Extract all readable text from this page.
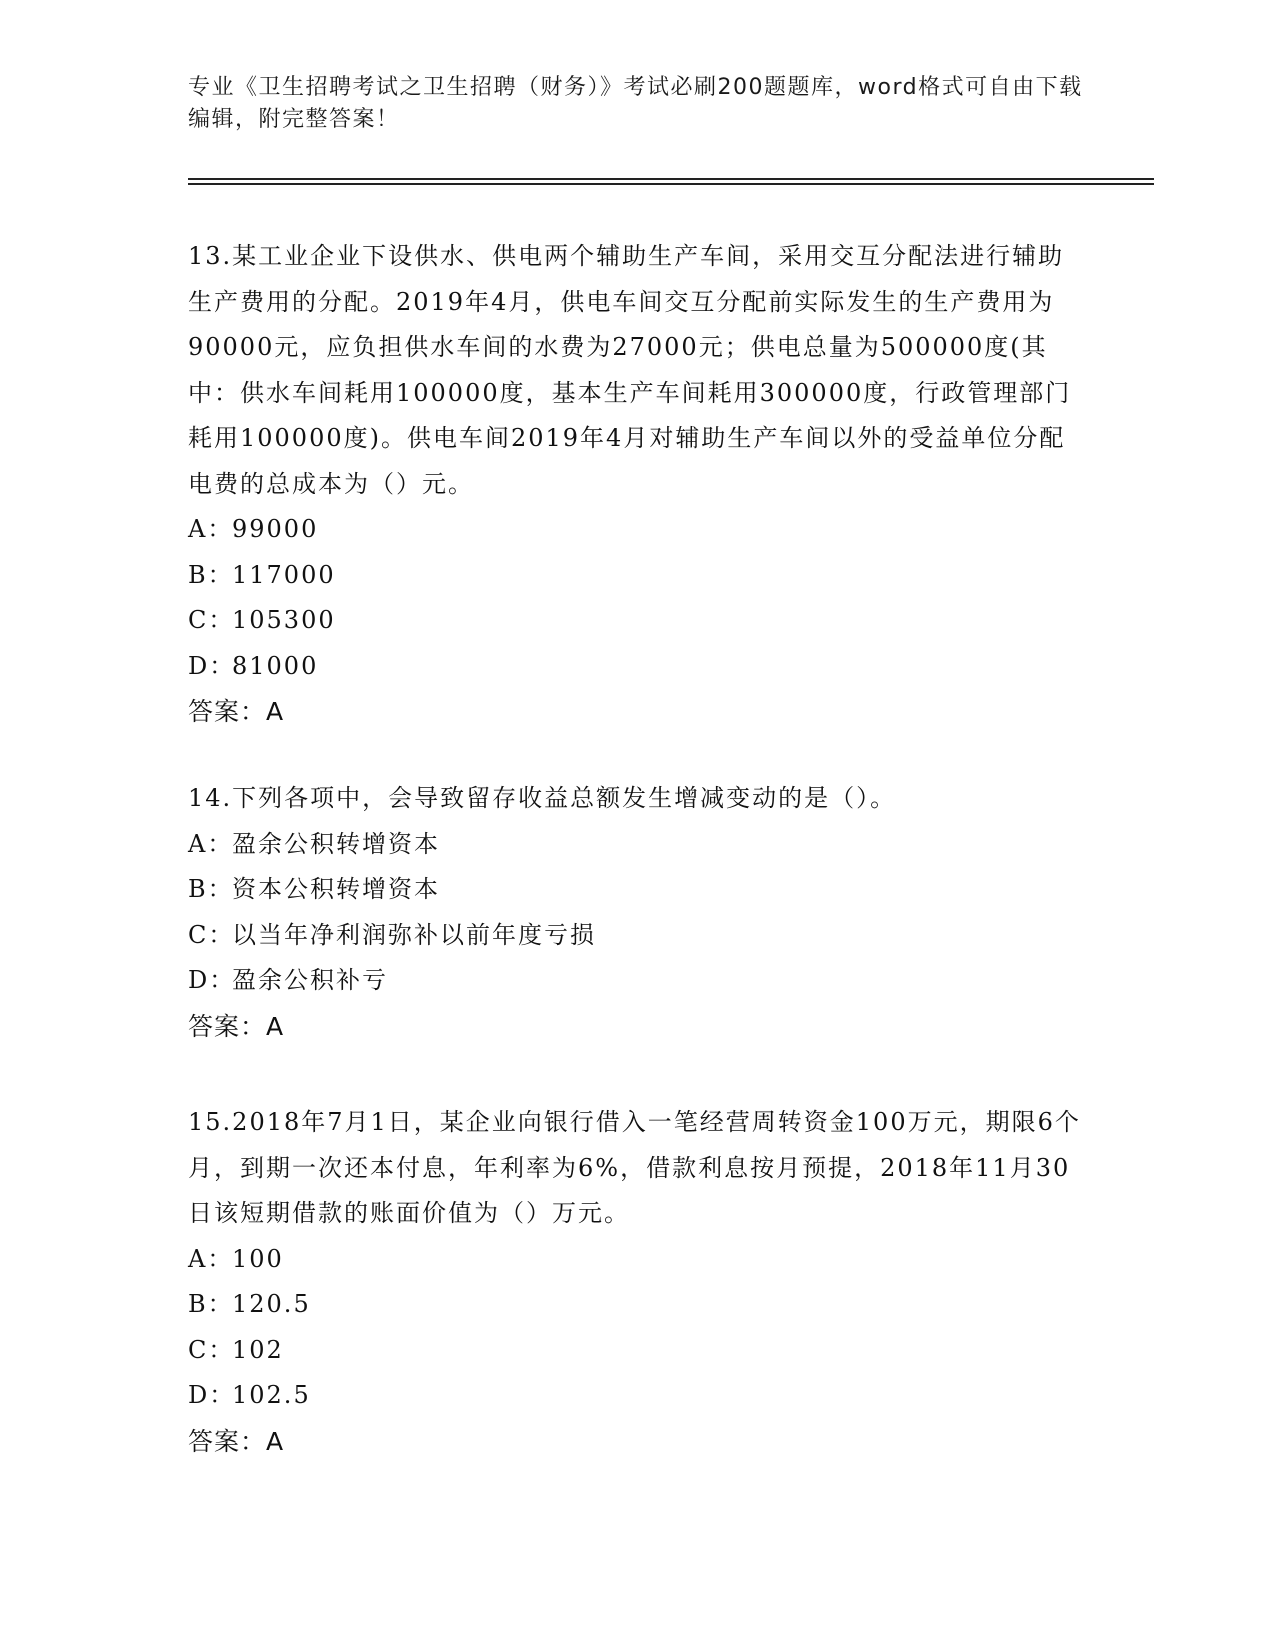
专业《卫生招聘考试之卫生招聘（财务）》考试必刷200题题库，word格式可自由下载编辑，附完整答案！

13.某工业企业下设供水、供电两个辅助生产车间，采用交互分配法进行辅助生产费用的分配。2019年4月，供电车间交互分配前实际发生的生产费用为90000元，应负担供水车间的水费为27000元；供电总量为500000度(其中：供水车间耗用100000度，基本生产车间耗用300000度，行政管理部门耗用100000度)。供电车间2019年4月对辅助生产车间以外的受益单位分配电费的总成本为（）元。

A：99000
B：117000
C：105300
D：81000
答案：A

14.下列各项中，会导致留存收益总额发生增减变动的是（）。

A：盈余公积转增资本
B：资本公积转增资本
C：以当年净利润弥补以前年度亏损
D：盈余公积补亏
答案：A

15.2018年7月1日，某企业向银行借入一笔经营周转资金100万元，期限6个月，到期一次还本付息，年利率为6%，借款利息按月预提，2018年11月30日该短期借款的账面价值为（）万元。

A：100
B：120.5
C：102
D：102.5
答案：A
